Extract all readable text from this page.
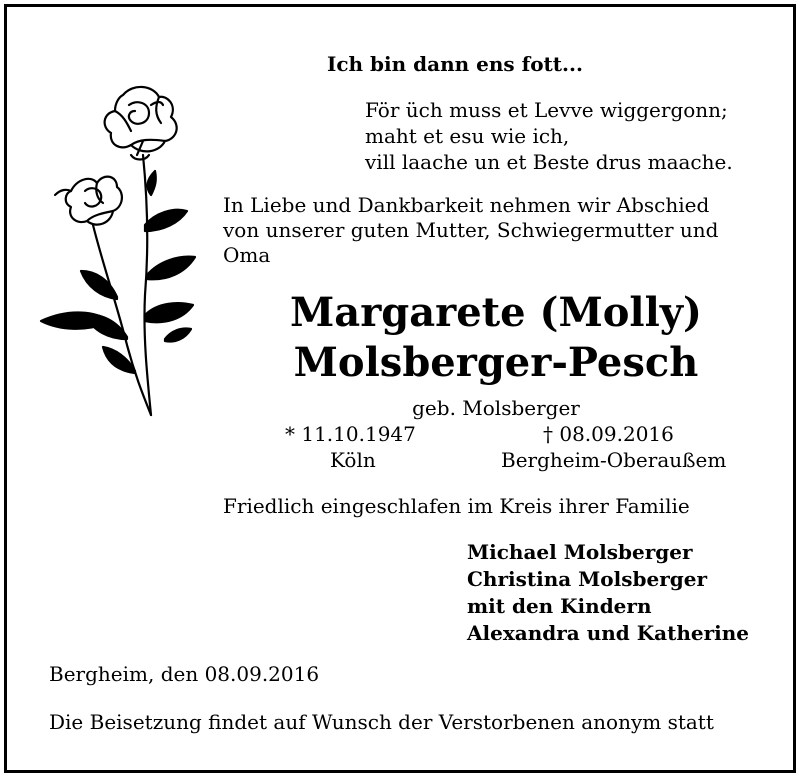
Ich bin dann ens fott...
För üch muss et Levve wiggergonn;
maht et esu wie ich,
vill laache un et Beste drus maache.
In Liebe und Dankbarkeit nehmen wir Abschied
von unserer guten Mutter, Schwiegermutter und
Oma
Margarete (Molly)
Molsberger-Pesch
geb. Molsberger
* 11.10.1947	† 08.09.2016
Köln	Bergheim-Oberaußem
Friedlich eingeschlafen im Kreis ihrer Familie
Michael Molsberger
Christina Molsberger
mit den Kindern
Alexandra und Katherine
Bergheim, den 08.09.2016
Die Beisetzung findet auf Wunsch der Verstorbenen anonym statt
